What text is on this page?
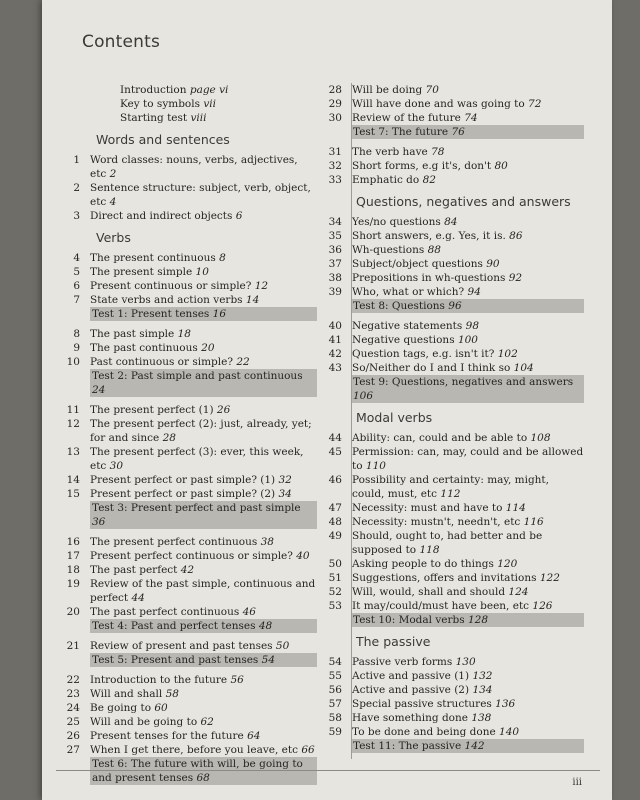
Contents
Introduction page vi
Key to symbols vii
Starting test viii
Words and sentences
1 Word classes: nouns, verbs, adjectives, etc 2
2 Sentence structure: subject, verb, object, etc 4
3 Direct and indirect objects 6
Verbs
4 The present continuous 8
5 The present simple 10
6 Present continuous or simple? 12
7 State verbs and action verbs 14
Test 1: Present tenses 16
8 The past simple 18
9 The past continuous 20
10 Past continuous or simple? 22
Test 2: Past simple and past continuous 24
11 The present perfect (1) 26
12 The present perfect (2): just, already, yet; for and since 28
13 The present perfect (3): ever, this week, etc 30
14 Present perfect or past simple? (1) 32
15 Present perfect or past simple? (2) 34
Test 3: Present perfect and past simple 36
16 The present perfect continuous 38
17 Present perfect continuous or simple? 40
18 The past perfect 42
19 Review of the past simple, continuous and perfect 44
20 The past perfect continuous 46
Test 4: Past and perfect tenses 48
21 Review of present and past tenses 50
Test 5: Present and past tenses 54
22 Introduction to the future 56
23 Will and shall 58
24 Be going to 60
25 Will and be going to 62
26 Present tenses for the future 64
27 When I get there, before you leave, etc 66
Test 6: The future with will, be going to and present tenses 68
28 Will be doing 70
29 Will have done and was going to 72
30 Review of the future 74
Test 7: The future 76
31 The verb have 78
32 Short forms, e.g it's, don't 80
33 Emphatic do 82
Questions, negatives and answers
34 Yes/no questions 84
35 Short answers, e.g. Yes, it is. 86
36 Wh-questions 88
37 Subject/object questions 90
38 Prepositions in wh-questions 92
39 Who, what or which? 94
Test 8: Questions 96
40 Negative statements 98
41 Negative questions 100
42 Question tags, e.g. isn't it? 102
43 So/Neither do I and I think so 104
Test 9: Questions, negatives and answers 106
Modal verbs
44 Ability: can, could and be able to 108
45 Permission: can, may, could and be allowed to 110
46 Possibility and certainty: may, might, could, must, etc 112
47 Necessity: must and have to 114
48 Necessity: mustn't, needn't, etc 116
49 Should, ought to, had better and be supposed to 118
50 Asking people to do things 120
51 Suggestions, offers and invitations 122
52 Will, would, shall and should 124
53 It may/could/must have been, etc 126
Test 10: Modal verbs 128
The passive
54 Passive verb forms 130
55 Active and passive (1) 132
56 Active and passive (2) 134
57 Special passive structures 136
58 Have something done 138
59 To be done and being done 140
Test 11: The passive 142
iii
